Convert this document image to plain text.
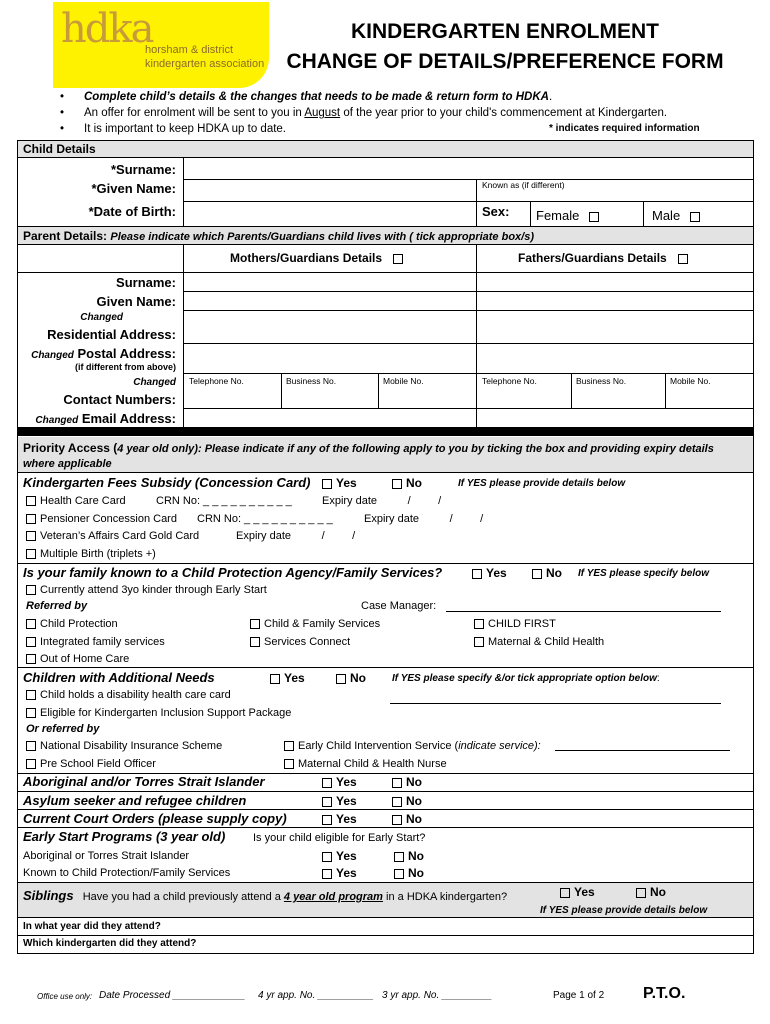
hdka
horsham & district
kindergarten association
KINDERGARTEN ENROLMENT
CHANGE OF DETAILS/PREFERENCE FORM
• Complete child’s details & the changes that needs to be made & return form to HDKA.
• An offer for enrolment will be sent to you in August of the year prior to your child's commencement at Kindergarten.
• It is important to keep HDKA up to date.	* indicates required information
Child Details
*Surname:
*Given Name:	Known as (if different)
*Date of Birth:	Sex: Female	Male
Parent Details: Please indicate which Parents/Guardians child lives with ( tick appropriate box/s)
Mothers/Guardians Details	Fathers/Guardians Details
Surname:
Given Name:
Changed
Residential Address:
Changed Postal Address:
(if different from above)
Changed
Contact Numbers:
Changed Email Address:
Telephone No.	Business No.	Mobile No.	Telephone No.	Business No.	Mobile No.
Priority Access (4 year old only): Please indicate if any of the following apply to you by ticking the box and providing expiry details
where applicable
Kindergarten Fees Subsidy (Concession Card)	Yes	No	If YES please provide details below
Health Care Card	CRN No: _ _ _ _ _ _ _ _ _ _	Expiry date          /         /
Pensioner Concession Card CRN No: _ _ _ _ _ _ _ _ _ _	Expiry date          /         /
Veteran’s Affairs Card Gold Card	Expiry date          /         /
Multiple Birth (triplets +)
Is your family known to a Child Protection Agency/Family Services?	Yes	No If YES please specify below
Currently attend 3yo kinder through Early Start
Referred by	Case Manager:
Child Protection	Child & Family Services	CHILD FIRST
Integrated family services	Services Connect	Maternal & Child Health
Out of Home Care
Children with Additional Needs	Yes	No	If YES please specify &/or tick appropriate option below:
Child holds a disability health care card
Eligible for Kindergarten Inclusion Support Package
Or referred by
National Disability Insurance Scheme	Early Child Intervention Service (indicate service):
Pre School Field Officer	Maternal Child & Health Nurse
Aboriginal and/or Torres Strait Islander	Yes	No
Asylum seeker and refugee children	Yes	No
Current Court Orders (please supply copy)	Yes	No
Early Start Programs (3 year old)	Is your child eligible for Early Start?
Aboriginal or Torres Strait Islander	Yes	No
Known to Child Protection/Family Services	Yes	No
Siblings Have you had a child previously attend a 4 year old program in a HDKA kindergarten?	Yes	No
If YES please provide details below
In what year did they attend?
Which kindergarten did they attend?
Office use only: Date Processed _____________ 4 yr app. No. __________ 3 yr app. No. _________	Page 1 of 2 P.T.O.
